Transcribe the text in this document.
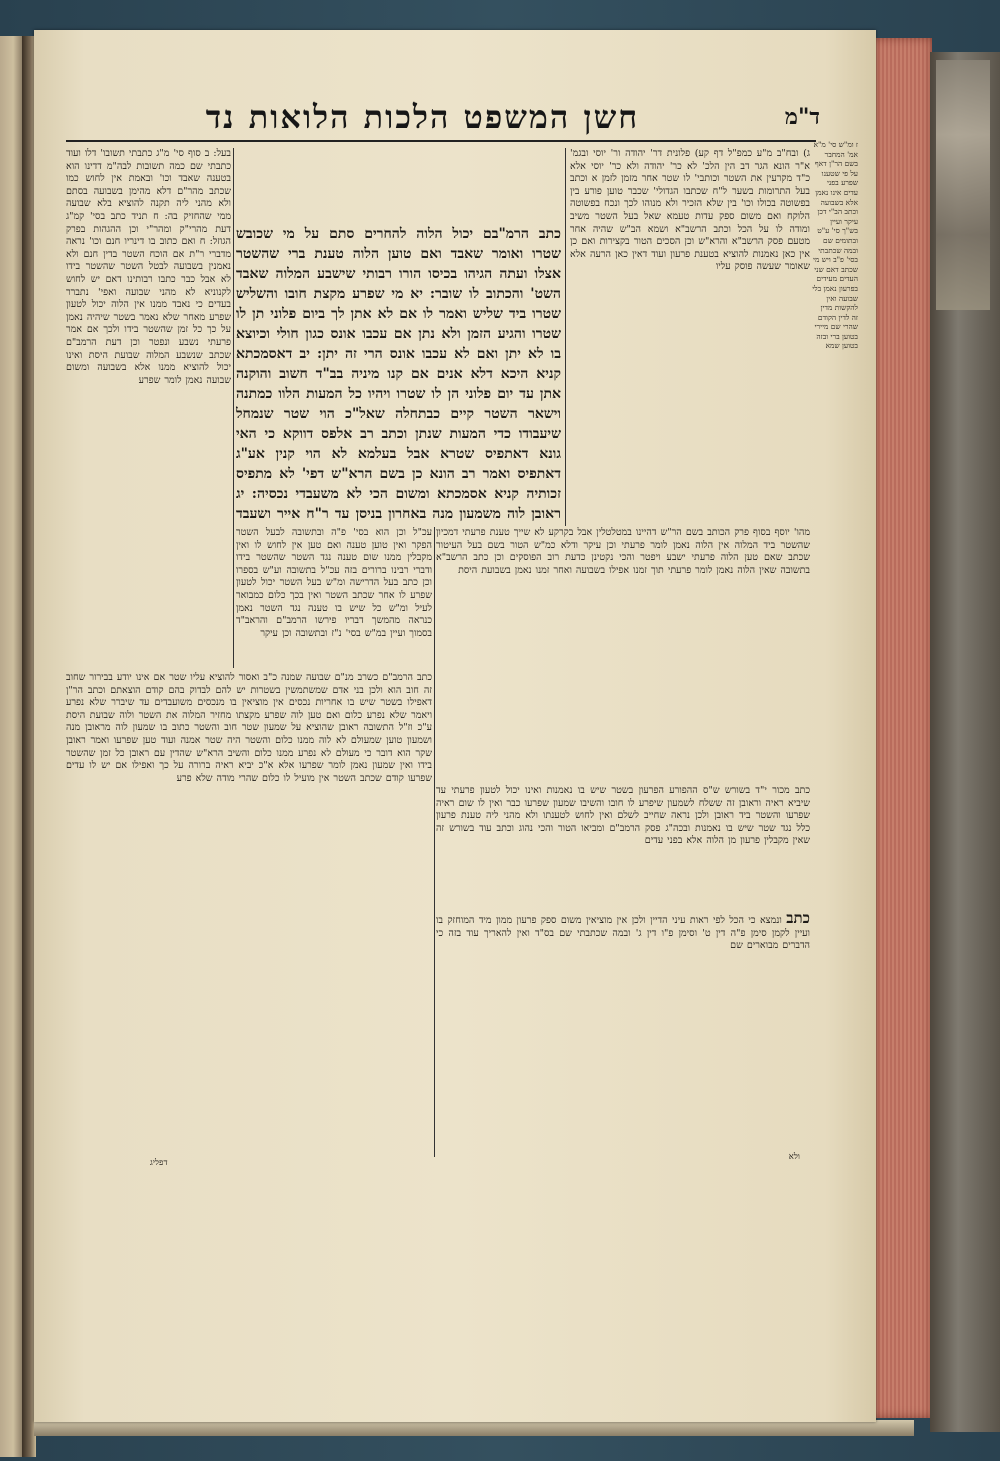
ד"מ
חשן המשפט הלכות הלואות נד
ג) ובח"ב מ"ע כמפ"ל דף קע) פלונית דר' יהודה ור' יוסי ובגמ' א"ר הונא הגר דב הין הלכ' לא כר' יהודה ולא כר' יוסי אלא כ"ד מקרעין את השטר וכותבי' לו שטר אחר מזמן לזמן א וכתב בעל התרומות בשער ל"ח שכתבו הגדולי' שכבר טוען פורע בין בפשוטה בכולו וכו' בין שלא הזכיר ולא מנוהו לכך ונכח בפשוטה הלוקח ואם משום ספק עדות טעמא שאל בעל השטר משיב ומודה לו על הכל וכתב הרשב"א ושמא הב"ש שהיה אחר מטעם פסק הרשב"א והרא"ש וכן הסכים הטור בקצירות ואם כן אין כאן נאמנות להוציא בטענת פרעון ועוד דאין כאן הרעה אלא שאומר שעשה פוסק עליו
ז ומ"ש סי' מ"א אמ' המחבר בשם הר"ן דאף על פי שטענו שפרע בפני עדים אינו נאמן אלא בשבועה וכתב הב"י דכן עיקר ועיין בש"ך סי' ע"ט ובתומים שם ובמה שכתבתי בסי' פ"ב ויש מי שכתב דאם שני העדים מעידים בפרעון נאמן בלי שבועה ואין להקשות מדין זה לדין הקודם שהרי שם מיירי בטוען ברי ובזה בטוען שמא
כתב הרמ"בם יכול הלוה להחרים סתם על מי שכובש שטרו ואומר שאבד ואם טוען הלוה טענת ברי שהשטר אצלו ועתה הגיהו בכיסו הורו רבותי שישבע המלוה שאבד השט' והכתוב לו שובר: יא מי שפרע מקצת חובו והשליש שטרו ביד שליש ואמר לו אם לא אתן לך ביום פלוני תן לו שטרו והגיע הזמן ולא נתן אם עכבו אונס כגון חולי וכיוצא בו לא יתן ואם לא עכבו אונס הרי זה יתן: יב דאסמכתא קניא היכא דלא אנים אם קנו מיניה בב"ד חשוב והוקנה אתן עד יום פלוני הן לו שטרו ויהיו כל המעות הלוו כמתנה וישאר השטר קיים כבתחלה שאל"כ הוי שטר שנמחל שיעבודו כדי המעות שנתן וכתב רב אלפס דווקא כי האי גונא דאתפיס שטרא אבל בעלמא לא הוי קנין אע"ג דאתפיס ואמר רב הונא כן בשם הרא"ש דפי' לא מתפיס זכותיה קניא אסמכתא ומשום הכי לא משעבדי נכסיה: יג ראובן לוה משמעון מנה באחרון בניסן עד ר"ח אייר ושעבד
בעל: ב סוף סי' מ"ג כתבתי תשובו' דלו ועוד כתבתי שם כמה תשובות לבה"מ דדינו הוא בטענה שאבד וכו' ובאמת אין לחוש כמו שכתב מהר"ם דלא מהימן בשבועה בסתם ולא מהני ליה תקנה להוציא בלא שבועה ממי שהחזיק בה: ח תניד כתב בסי' קמ"ג דעת מהרי"ק ומהר"י וכן ההגהות בפרק הגוזל: ח ואם כתוב בו דינריו חנם וכו' נראה מדברי ר"ת אם הוכח השטר בדין חנם ולא נאמנין בשבועה לבטל השטר שהשטר בידו לא אבל כבר כתבו רבותינו דאם יש לחוש לקנוניא לא מהני שבועה ואפי' נתברר בעדים כי נאבד ממנו אין הלוה יכול לטעון שפרע מאחר שלא נאמר בשטר שיהיה נאמן על כך כל זמן שהשטר בידו ולכך אם אמר פרעתי נשבע ונפטר וכן דעת הרמב"ם שכתב שנשבע המלוה שבועת היסת ואינו יכול להוציא ממנו אלא בשבועה ומשום שבועה נאמן לומר שפרע
מהו' יוסף בסוף פרק הכותב בשם הר"ש דהיינו במטלטלין אבל בקרקע לא שייך טענת פרעתי דמכיון שהשטר ביד המלוה אין הלוה נאמן לומר פרעתי וכן עיקר ודלא כמ"ש הטור בשם בעל העיטור שכתב שאם טען הלוה פרעתי ישבע ויפטר והכי נקטינן כדעת רוב הפוסקים וכן כתב הרשב"א בתשובה שאין הלוה נאמן לומר פרעתי תוך זמנו אפילו בשבועה ואחר זמנו נאמן בשבועת היסת
עכ"ל וכן הוא בסי' פ"ה ובתשובה לבעל השטר הפקר ואין טוען טענה ואם טען אין לחוש לו ואין מקבלין ממנו שום טענה נגד השטר שהשטר בידו ודברי רבינו ברורים בזה עכ"ל בתשובה וע"ש בספרו וכן כתב בעל הדרישה ומ"ש בעל השטר יכול לטעון שפרע לו אחר שכתב השטר ואין בכך כלום כמבואר לעיל ומ"ש כל שיש בו טענה נגד השטר נאמן כנראה מהמשך דבריו פירשו הרמב"ם והראב"ד בסמוך ועיין במ"ש בסי' נ"ז ובתשובה וכן עיקר
כתב הרמב"ם כשרב מנ"ם שבועה שמנה כ"ב ואסור להוציא עליו שטר אם אינו יודע בבירור שחוב זה חוב הוא ולכן בני אדם שמשתמשין בשטרות יש להם לבדוק בהם קודם הוצאתם וכתב הר"ן דאפילו בשטר שיש בו אחריות נכסים אין מוציאין בו מנכסים משועבדים עד שיברר שלא נפרע ויאמר שלא נפרע כלום ואם טען לוה שפרע מקצתו מחזיר המלוה את השטר ולוה שבועת היסת ע"כ וז"ל התשובה ראובן שהוציא על שמעון שטר חוב והשטר כתוב בו שמעון לוה מראובן מנה ושמעון טוען שמעולם לא לוה ממנו כלום והשטר היה שטר אמנה ועוד טען שפרעו ואמר ראובן שקר הוא דובר כי מעולם לא נפרע ממנו כלום והשיב הרא"ש שהדין עם ראובן כל זמן שהשטר בידו ואין שמעון נאמן לומר שפרעו אלא א"כ יביא ראיה ברורה על כך ואפילו אם יש לו עדים שפרעו קודם שכתב השטר אין מועיל לו כלום שהרי מודה שלא פרע
כתב מכור י"ד בשורש ש"ס ההפורע הפרעון בשטר שיש בו נאמנות ואינו יכול לטעון פרעתי עד שיביא ראיה וראובן זה ששלח לשמעון שיפרע לו חובו והשיבו שמעון שפרעו כבר ואין לו שום ראיה שפרעו והשטר ביד ראובן ולכן נראה שחייב לשלם ואין לחוש לטענתו ולא מהני ליה טענת פרעון כלל נגד שטר שיש בו נאמנות ובכה"ג פסק הרמב"ם ומביאו הטור והכי נהוג וכתב עוד בשורש זה שאין מקבלין פרעון מן הלוה אלא בפני עדים
כתב ונמצא כי הכל לפי ראות עיני הדיין ולכן אין מוציאין משום ספק פרעון ממון מיד המוחזק בו ועיין לקמן סימן פ"ה דין ט' וסימן פ"ו דין ג' ובמה שכתבתי שם בס"ד ואין להאריך עוד בזה כי הדברים מבוארים שם
דפליג
ולא
